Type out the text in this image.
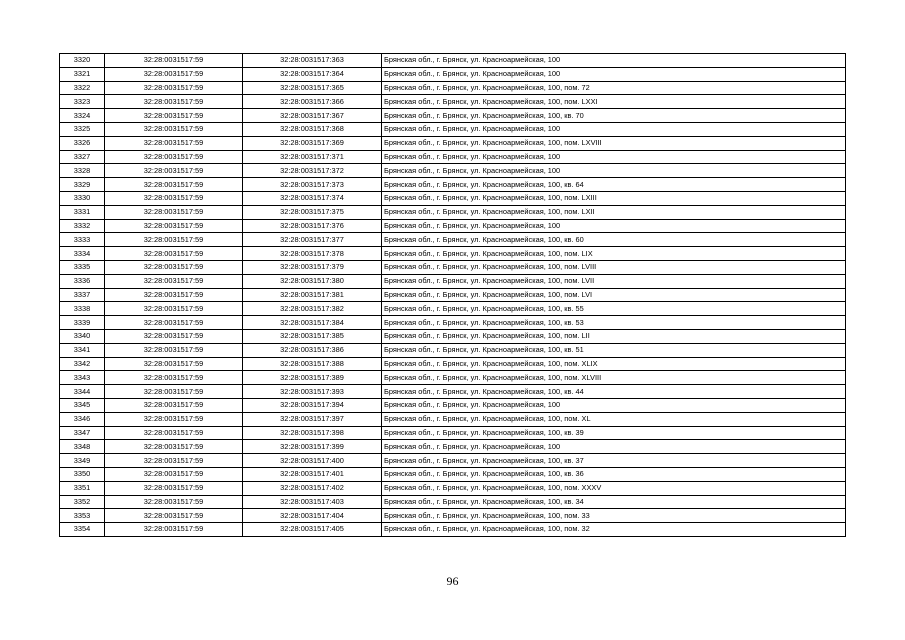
3320	32:28:0031517:59	32:28:0031517:363	Брянская обл., г. Брянск, ул. Красноармейская, 100
3321	32:28:0031517:59	32:28:0031517:364	Брянская обл., г. Брянск, ул. Красноармейская, 100
3322	32:28:0031517:59	32:28:0031517:365	Брянская обл., г. Брянск, ул. Красноармейская, 100, пом. 72
3323	32:28:0031517:59	32:28:0031517:366	Брянская обл., г. Брянск, ул. Красноармейская, 100, пом. LXXI
3324	32:28:0031517:59	32:28:0031517:367	Брянская обл., г. Брянск, ул. Красноармейская, 100, кв. 70
3325	32:28:0031517:59	32:28:0031517:368	Брянская обл., г. Брянск, ул. Красноармейская, 100
3326	32:28:0031517:59	32:28:0031517:369	Брянская обл., г. Брянск, ул. Красноармейская, 100, пом. LXVIII
3327	32:28:0031517:59	32:28:0031517:371	Брянская обл., г. Брянск, ул. Красноармейская, 100
3328	32:28:0031517:59	32:28:0031517:372	Брянская обл., г. Брянск, ул. Красноармейская, 100
3329	32:28:0031517:59	32:28:0031517:373	Брянская обл., г. Брянск, ул. Красноармейская, 100, кв. 64
3330	32:28:0031517:59	32:28:0031517:374	Брянская обл., г. Брянск, ул. Красноармейская, 100, пом. LXIII
3331	32:28:0031517:59	32:28:0031517:375	Брянская обл., г. Брянск, ул. Красноармейская, 100, пом. LXII
3332	32:28:0031517:59	32:28:0031517:376	Брянская обл., г. Брянск, ул. Красноармейская, 100
3333	32:28:0031517:59	32:28:0031517:377	Брянская обл., г. Брянск, ул. Красноармейская, 100, кв. 60
3334	32:28:0031517:59	32:28:0031517:378	Брянская обл., г. Брянск, ул. Красноармейская, 100, пом. LIX
3335	32:28:0031517:59	32:28:0031517:379	Брянская обл., г. Брянск, ул. Красноармейская, 100, пом. LVIII
3336	32:28:0031517:59	32:28:0031517:380	Брянская обл., г. Брянск, ул. Красноармейская, 100, пом. LVII
3337	32:28:0031517:59	32:28:0031517:381	Брянская обл., г. Брянск, ул. Красноармейская, 100, пом. LVI
3338	32:28:0031517:59	32:28:0031517:382	Брянская обл., г. Брянск, ул. Красноармейская, 100, кв. 55
3339	32:28:0031517:59	32:28:0031517:384	Брянская обл., г. Брянск, ул. Красноармейская, 100, кв. 53
3340	32:28:0031517:59	32:28:0031517:385	Брянская обл., г. Брянск, ул. Красноармейская, 100, пом. LII
3341	32:28:0031517:59	32:28:0031517:386	Брянская обл., г. Брянск, ул. Красноармейская, 100, кв. 51
3342	32:28:0031517:59	32:28:0031517:388	Брянская обл., г. Брянск, ул. Красноармейская, 100, пом. XLIX
3343	32:28:0031517:59	32:28:0031517:389	Брянская обл., г. Брянск, ул. Красноармейская, 100, пом. XLVIII
3344	32:28:0031517:59	32:28:0031517:393	Брянская обл., г. Брянск, ул. Красноармейская, 100, кв. 44
3345	32:28:0031517:59	32:28:0031517:394	Брянская обл., г. Брянск, ул. Красноармейская, 100
3346	32:28:0031517:59	32:28:0031517:397	Брянская обл., г. Брянск, ул. Красноармейская, 100, пом. XL
3347	32:28:0031517:59	32:28:0031517:398	Брянская обл., г. Брянск, ул. Красноармейская, 100, кв. 39
3348	32:28:0031517:59	32:28:0031517:399	Брянская обл., г. Брянск, ул. Красноармейская, 100
3349	32:28:0031517:59	32:28:0031517:400	Брянская обл., г. Брянск, ул. Красноармейская, 100, кв. 37
3350	32:28:0031517:59	32:28:0031517:401	Брянская обл., г. Брянск, ул. Красноармейская, 100, кв. 36
3351	32:28:0031517:59	32:28:0031517:402	Брянская обл., г. Брянск, ул. Красноармейская, 100, пом. XXXV
3352	32:28:0031517:59	32:28:0031517:403	Брянская обл., г. Брянск, ул. Красноармейская, 100, кв. 34
3353	32:28:0031517:59	32:28:0031517:404	Брянская обл., г. Брянск, ул. Красноармейская, 100, пом. 33
3354	32:28:0031517:59	32:28:0031517:405	Брянская обл., г. Брянск, ул. Красноармейская, 100, пом. 32
96
